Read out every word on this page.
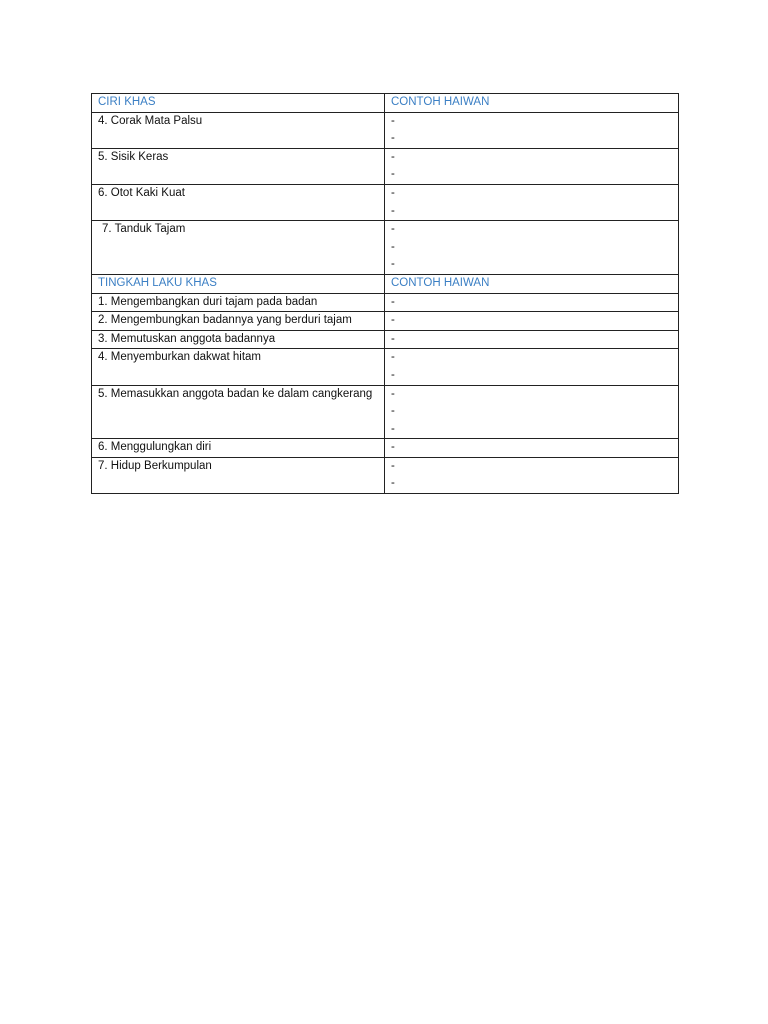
CIRI KHAS	CONTOH HAIWAN
4. Corak Mata Palsu	-
-

5. Sisik Keras	-
-

6. Otot Kaki Kuat	-
-

7. Tanduk Tajam	-
-
-

TINGKAH LAKU KHAS	CONTOH HAIWAN
1. Mengembangkan duri tajam pada badan	-

2. Mengembungkan badannya yang berduri tajam	-

3. Memutuskan anggota badannya	-

4. Menyemburkan dakwat hitam	-
-

5. Memasukkan anggota badan ke dalam cangkerang	-
-
-

6. Menggulungkan diri	-

7. Hidup Berkumpulan	-
-
